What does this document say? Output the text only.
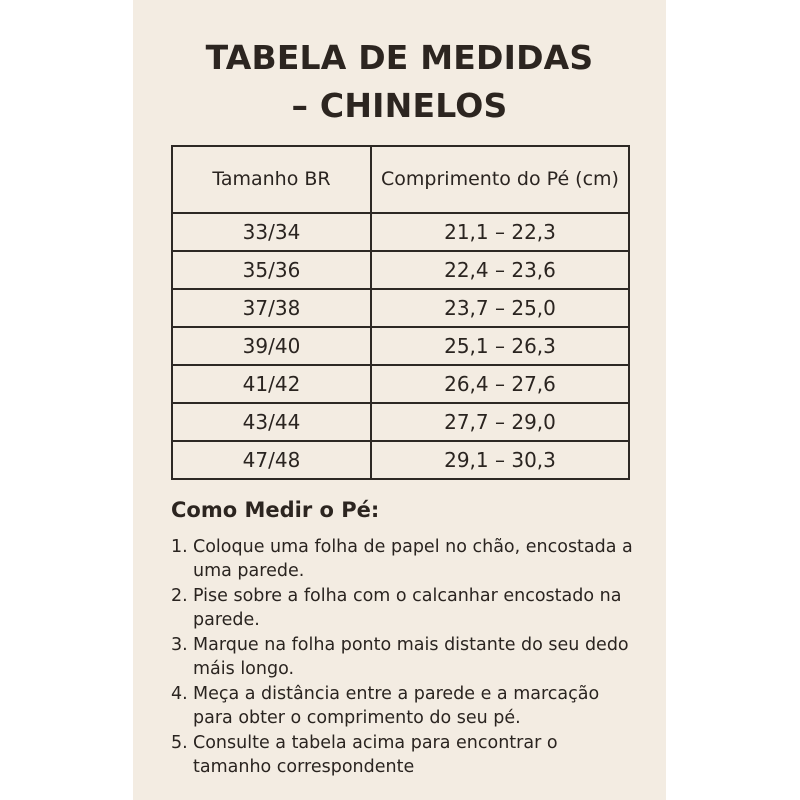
TABELA DE MEDIDAS
– CHINELOS
Tamanho BR	Comprimento do Pé (cm)
33/34	21,1 – 22,3
35/36	22,4 – 23,6
37/38	23,7 – 25,0
39/40	25,1 – 26,3
41/42	26,4 – 27,6
43/44	27,7 – 29,0
47/48	29,1 – 30,3
Como Medir o Pé:
1. Coloque uma folha de papel no chão, encostada a uma parede.
2. Pise sobre a folha com o calcanhar encostado na parede.
3. Marque na folha ponto mais distante do seu dedo máis longo.
4. Meça a distância entre a parede e a marcação para obter o comprimento do seu pé.
5. Consulte a tabela acima para encontrar o tamanho correspondente
